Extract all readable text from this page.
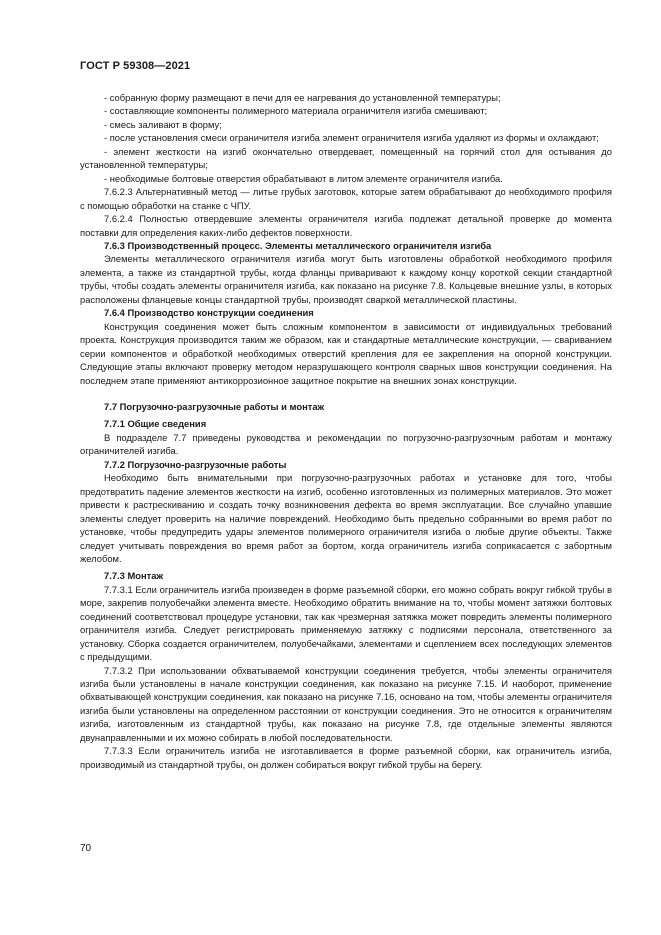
ГОСТ Р 59308—2021

- собранную форму размещают в печи для ее нагревания до установленной температуры;

- составляющие компоненты полимерного материала ограничителя изгиба смешивают;

- смесь заливают в форму;

- после установления смеси ограничителя изгиба элемент ограничителя изгиба удаляют из формы и охлаждают;

- элемент жесткости на изгиб окончательно отвердевает, помещенный на горячий стол для остывания до установленной температуры;

- необходимые болтовые отверстия обрабатывают в литом элементе ограничителя изгиба.

7.6.2.3 Альтернативный метод — литье грубых заготовок, которые затем обрабатывают до необходимого профиля с помощью обработки на станке с ЧПУ.

7.6.2.4 Полностью отвердевшие элементы ограничителя изгиба подлежат детальной проверке до момента поставки для определения каких-либо дефектов поверхности.

7.6.3 Производственный процесс. Элементы металлического ограничителя изгиба

Элементы металлического ограничителя изгиба могут быть изготовлены обработкой необходимого профиля элемента, а также из стандартной трубы, когда фланцы приваривают к каждому концу короткой секции стандартной трубы, чтобы создать элементы ограничителя изгиба, как показано на рисунке 7.8. Кольцевые внешние узлы, в которых расположены фланцевые концы стандартной трубы, производят сваркой металлической пластины.

7.6.4 Производство конструкции соединения

Конструкция соединения может быть сложным компонентом в зависимости от индивидуальных требований проекта. Конструкция производится таким же образом, как и стандартные металлические конструкции, — свариванием серии компонентов и обработкой необходимых отверстий крепления для ее закрепления на опорной конструкции. Следующие этапы включают проверку методом неразрушающего контроля сварных швов конструкции соединения. На последнем этапе применяют антикоррозионное защитное покрытие на внешних зонах конструкции.

7.7 Погрузочно-разгрузочные работы и монтаж

7.7.1 Общие сведения

В подразделе 7.7 приведены руководства и рекомендации по погрузочно-разгрузочным работам и монтажу ограничителей изгиба.

7.7.2 Погрузочно-разгрузочные работы

Необходимо быть внимательными при погрузочно-разгрузочных работах и установке для того, чтобы предотвратить падение элементов жесткости на изгиб, особенно изготовленных из полимерных материалов. Это может привести к растрескиванию и создать точку возникновения дефекта во время эксплуатации. Все случайно упавшие элементы следует проверить на наличие повреждений. Необходимо быть предельно собранными во время работ по установке, чтобы предупредить удары элементов полимерного ограничителя изгиба о любые другие объекты. Также следует учитывать повреждения во время работ за бортом, когда ограничитель изгиба соприкасается с забортным желобом.

7.7.3 Монтаж

7.7.3.1 Если ограничитель изгиба произведен в форме разъемной сборки, его можно собрать вокруг гибкой трубы в море, закрепив полуобечайки элемента вместе. Необходимо обратить внимание на то, чтобы момент затяжки болтовых соединений соответствовал процедуре установки, так как чрезмерная затяжка может повредить элементы полимерного ограничителя изгиба. Следует регистрировать применяемую затяжку с подписями персонала, ответственного за установку. Сборка создается ограничителем, полуобечайками, элементами и сцеплением всех последующих элементов с предыдущими.

7.7.3.2 При использовании обхватываемой конструкции соединения требуется, чтобы элементы ограничителя изгиба были установлены в начале конструкции соединения, как показано на рисунке 7.15. И наоборот, применение обхватывающей конструкции соединения, как показано на рисунке 7.16, основано на том, чтобы элементы ограничителя изгиба были установлены на определенном расстоянии от конструкции соединения. Это не относится к ограничителям изгиба, изготовленным из стандартной трубы, как показано на рисунке 7.8, где отдельные элементы являются двунаправленными и их можно собирать в любой последовательности.

7.7.3.3 Если ограничитель изгиба не изготавливается в форме разъемной сборки, как ограничитель изгиба, производимый из стандартной трубы, он должен собираться вокруг гибкой трубы на берегу.

70
